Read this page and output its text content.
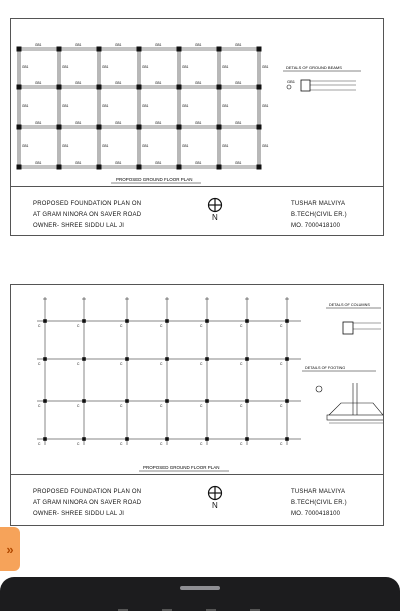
GB1
GB1
GB1
GB1
GB1
GB1
GB1
GB1
GB1
GB1
GB1
GB1
GB1
GB1
GB1
GB1
GB1
GB1
GB1
GB1
GB1
GB1
GB1
GB1
GB1	GB1	GB1	GB1	GB1	GB1	GB1
GB1	GB1	GB1	GB1	GB1	GB1	GB1
GB1	GB1	GB1	GB1	GB1	GB1	GB1
PROPOSED GROUND FLOOR PLAN
DETALS OF GROUND BEAMS
GB1
PROPOSED FOUNDATION PLAN ON
AT GRAM NINORA ON SAVER ROAD
OWNER- SHREE SIDDU LAL JI
N
TUSHAR MALVIYA
B.TECH(CIVIL ER.)
MO. 7000418100
C
C
C
C
C
C
C
C
C
C
C
C
C
C
C
C
C
C
C
C
C
C
C
C
C
C
C
C
PROPOSED GROUND FLOOR PLAN
DETALS OF COLUMNS
DETAILS OF FOOTING
PROPOSED FOUNDATION PLAN ON
AT GRAM NINORA ON SAVER ROAD
OWNER- SHREE SIDDU LAL JI
N
TUSHAR MALVIYA
B.TECH(CIVIL ER.)
MO. 7000418100
»
